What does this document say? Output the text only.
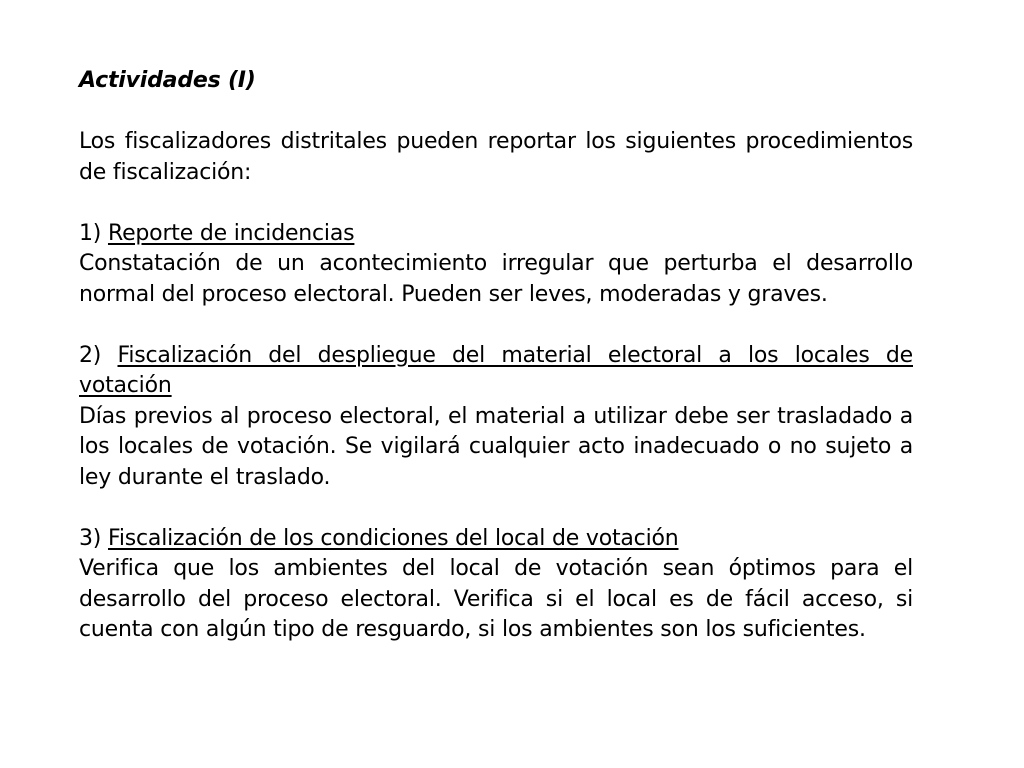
Actividades (I)

Los fiscalizadores distritales pueden reportar los siguientes procedimientos de fiscalización:

1) Reporte de incidencias

Constatación de un acontecimiento irregular que perturba el desarrollo normal del proceso electoral. Pueden ser leves, moderadas y graves.

2) Fiscalización del despliegue del material electoral a los locales de votación

Días previos al proceso electoral, el material a utilizar debe ser trasladado a los locales de votación. Se vigilará cualquier acto inadecuado o no sujeto a ley durante el traslado.

3) Fiscalización de los condiciones del local de votación

Verifica que los ambientes del local de votación sean óptimos para el desarrollo del proceso electoral. Verifica si el local es de fácil acceso, si cuenta con algún tipo de resguardo, si los ambientes son los suficientes.
